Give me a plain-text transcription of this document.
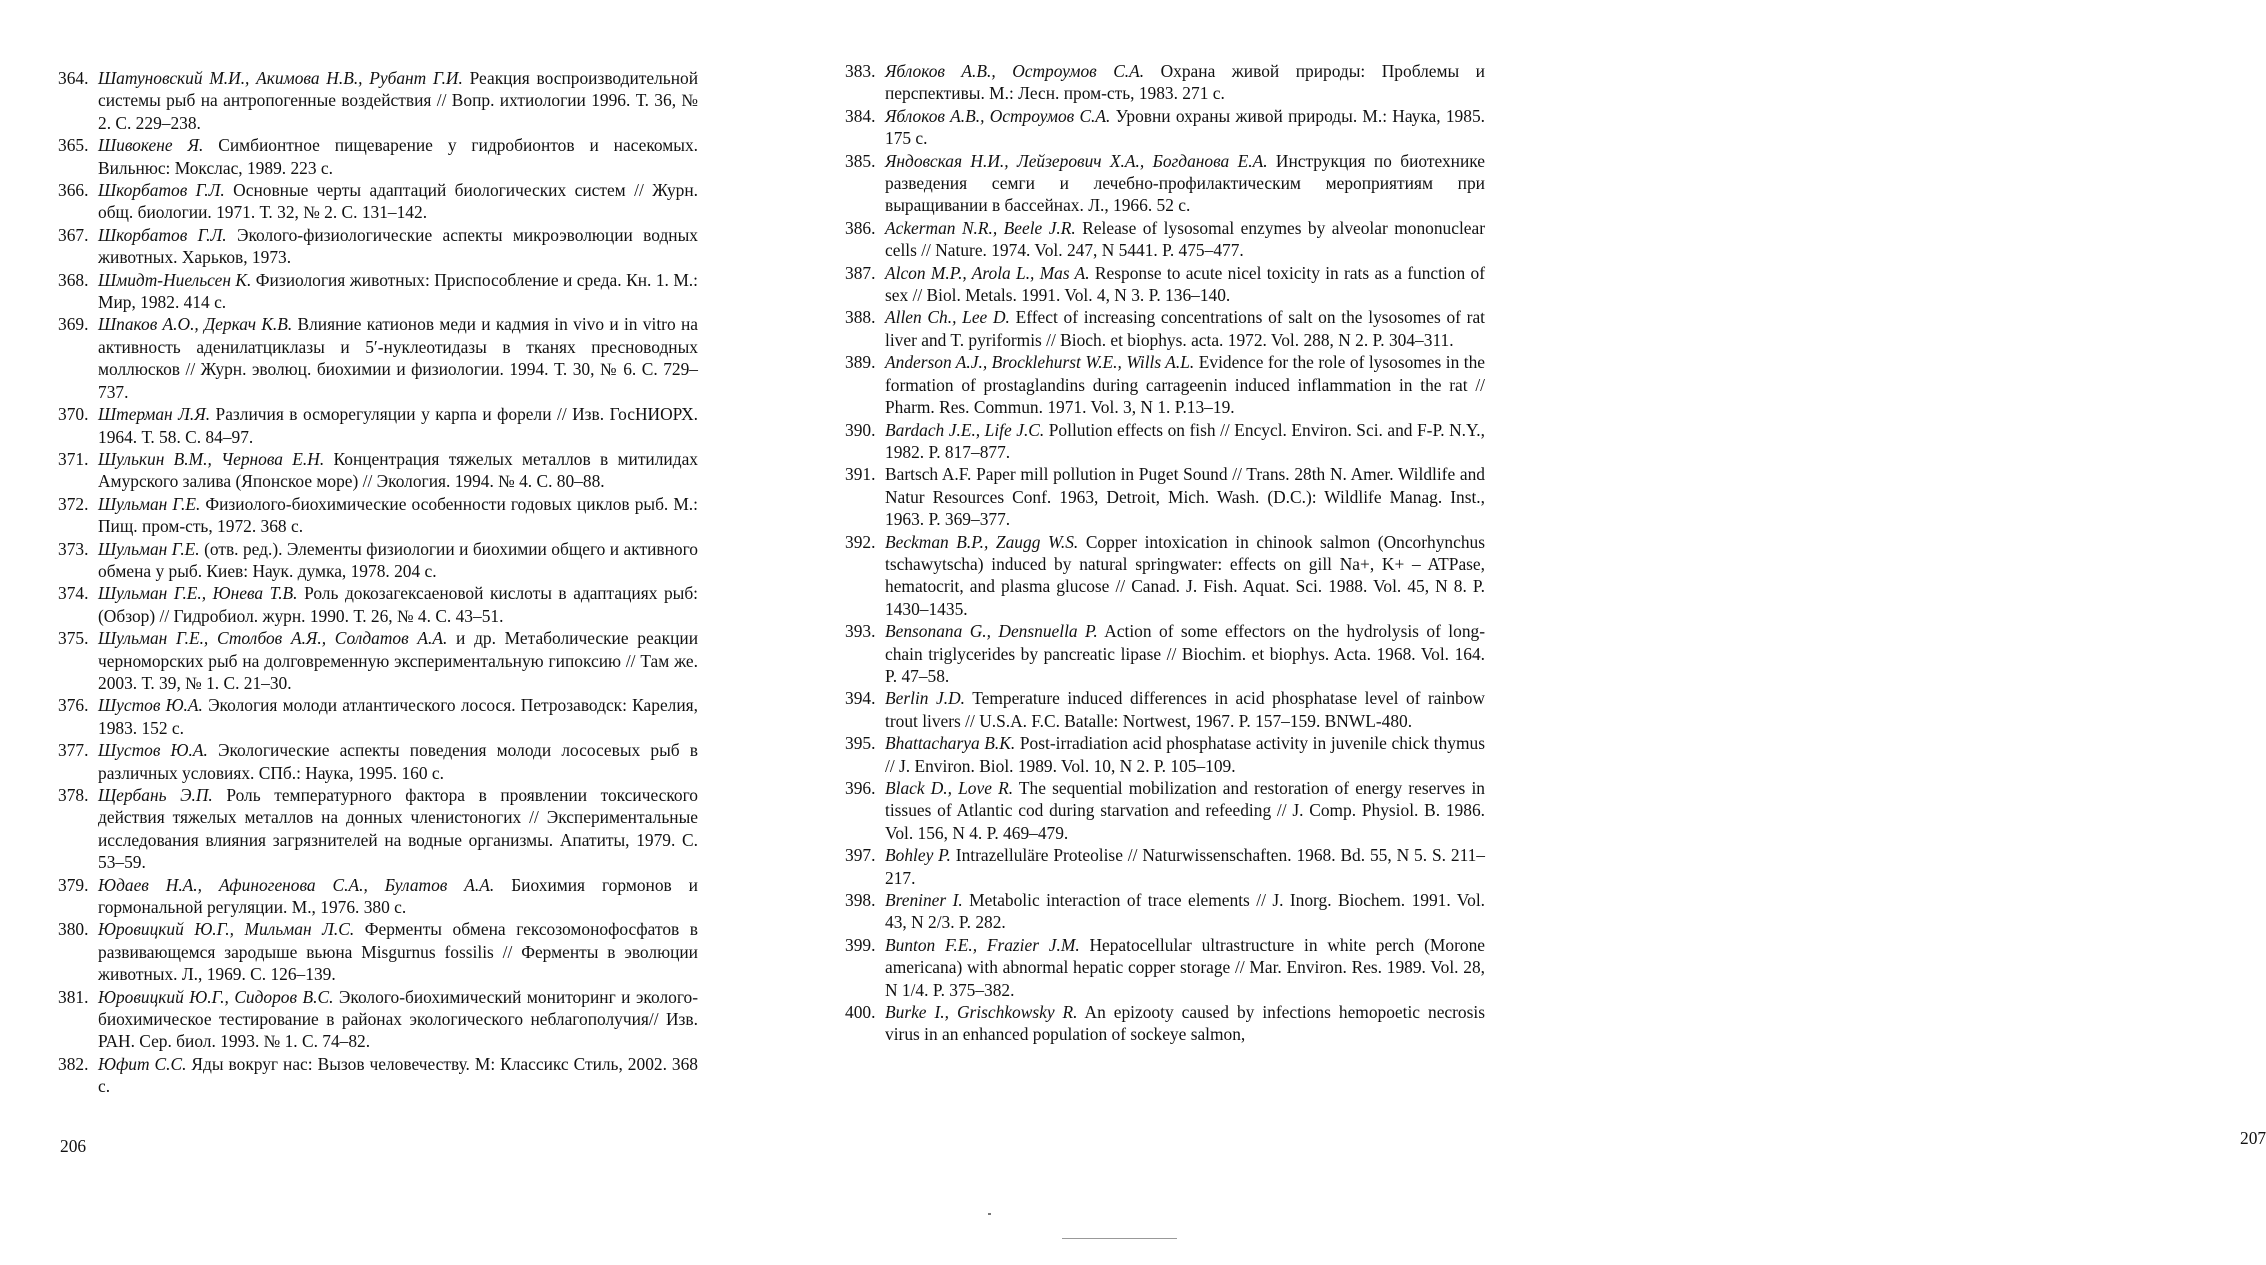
364. Шатуновский М.И., Акимова Н.В., Рубант Г.И. Реакция воспроизводительной системы рыб на антропогенные воздействия // Вопр. ихтиологии 1996. Т. 36, № 2. С. 229–238.
365. Шивокене Я. Симбионтное пищеварение у гидробионтов и насекомых. Вильнюс: Мокслас, 1989. 223 с.
366. Шкорбатов Г.Л. Основные черты адаптаций биологических систем // Журн. общ. биологии. 1971. Т. 32, № 2. С. 131–142.
367. Шкорбатов Г.Л. Эколого-физиологические аспекты микроэволюции водных животных. Харьков, 1973.
368. Шмидт-Ниельсен К. Физиология животных: Приспособление и среда. Кн. 1. М.: Мир, 1982. 414 с.
369. Шпаков А.О., Деркач К.В. Влияние катионов меди и кадмия in vivo и in vitro на активность аденилатциклазы и 5′-нуклеотидазы в тканях пресноводных моллюсков // Журн. эволюц. биохимии и физиологии. 1994. Т. 30, № 6. С. 729–737.
370. Штерман Л.Я. Различия в осморегуляции у карпа и форели // Изв. ГосНИОРХ. 1964. Т. 58. С. 84–97.
371. Шулькин В.М., Чернова Е.Н. Концентрация тяжелых металлов в митилидах Амурского залива (Японское море) // Экология. 1994. № 4. С. 80–88.
372. Шульман Г.Е. Физиолого-биохимические особенности годовых циклов рыб. М.: Пищ. пром-сть, 1972. 368 с.
373. Шульман Г.Е. (отв. ред.). Элементы физиологии и биохимии общего и активного обмена у рыб. Киев: Наук. думка, 1978. 204 с.
374. Шульман Г.Е., Юнева Т.В. Роль докозагексаеновой кислоты в адаптациях рыб: (Обзор) // Гидробиол. журн. 1990. Т. 26, № 4. С. 43–51.
375. Шульман Г.Е., Столбов А.Я., Солдатов А.А. и др. Метаболические реакции черноморских рыб на долговременную экспериментальную гипоксию // Там же. 2003. Т. 39, № 1. С. 21–30.
376. Шустов Ю.А. Экология молоди атлантического лосося. Петрозаводск: Карелия, 1983. 152 с.
377. Шустов Ю.А. Экологические аспекты поведения молоди лососевых рыб в различных условиях. СПб.: Наука, 1995. 160 с.
378. Щербань Э.П. Роль температурного фактора в проявлении токсического действия тяжелых металлов на донных членистоногих // Экспериментальные исследования влияния загрязнителей на водные организмы. Апатиты, 1979. С. 53–59.
379. Юдаев Н.А., Афиногенова С.А., Булатов А.А. Биохимия гормонов и гормональной регуляции. М., 1976. 380 с.
380. Юровицкий Ю.Г., Мильман Л.С. Ферменты обмена гексозомонофосфатов в развивающемся зародыше вьюна Misgurnus fossilis // Ферменты в эволюции животных. Л., 1969. С. 126–139.
381. Юровицкий Ю.Г., Сидоров В.С. Эколого-биохимический мониторинг и эколого-биохимическое тестирование в районах экологического неблагополучия// Изв. РАН. Сер. биол. 1993. № 1. С. 74–82.
382. Юфит С.С. Яды вокруг нас: Вызов человечеству. М: Классикс Стиль, 2002. 368 с.
206	207
383. Яблоков А.В., Остроумов С.А. Охрана живой природы: Проблемы и перспективы. М.: Лесн. пром-сть, 1983. 271 с.
384. Яблоков А.В., Остроумов С.А. Уровни охраны живой природы. М.: Наука, 1985. 175 с.
385. Яндовская Н.И., Лейзерович Х.А., Богданова Е.А. Инструкция по биотехнике разведения семги и лечебно-профилактическим мероприятиям при выращивании в бассейнах. Л., 1966. 52 с.
386. Ackerman N.R., Beele J.R. Release of lysosomal enzymes by alveolar mononuclear cells // Nature. 1974. Vol. 247, N 5441. P. 475–477.
387. Alcon M.P., Arola L., Mas A. Response to acute nicel toxicity in rats as a function of sex // Biol. Metals. 1991. Vol. 4, N 3. P. 136–140.
388. Allen Ch., Lee D. Effect of increasing concentrations of salt on the lysosomes of rat liver and T. pyriformis // Bioch. et biophys. acta. 1972. Vol. 288, N 2. P. 304–311.
389. Anderson A.J., Brocklehurst W.E., Wills A.L. Evidence for the role of lysosomes in the formation of prostaglandins during carrageenin induced inflammation in the rat // Pharm. Res. Commun. 1971. Vol. 3, N 1. P.13–19.
390. Bardach J.E., Life J.C. Pollution effects on fish // Encycl. Environ. Sci. and F-P. N.Y., 1982. P. 817–877.
391. Bartsch A.F. Paper mill pollution in Puget Sound // Trans. 28th N. Amer. Wildlife and Natur Resources Conf. 1963, Detroit, Mich. Wash. (D.C.): Wildlife Manag. Inst., 1963. P. 369–377.
392. Beckman B.P., Zaugg W.S. Copper intoxication in chinook salmon (Oncorhynchus tschawytscha) induced by natural springwater: effects on gill Na+, K+ – ATPase, hematocrit, and plasma glucose // Canad. J. Fish. Aquat. Sci. 1988. Vol. 45, N 8. P. 1430–1435.
393. Bensonana G., Densnuella P. Action of some effectors on the hydrolysis of long-chain triglycerides by pancreatic lipase // Biochim. et biophys. Acta. 1968. Vol. 164. P. 47–58.
394. Berlin J.D. Temperature induced differences in acid phosphatase level of rainbow trout livers // U.S.A. F.C. Batalle: Nortwest, 1967. P. 157–159. BNWL-480.
395. Bhattacharya B.K. Post-irradiation acid phosphatase activity in juvenile chick thymus // J. Environ. Biol. 1989. Vol. 10, N 2. P. 105–109.
396. Black D., Love R. The sequential mobilization and restoration of energy reserves in tissues of Atlantic cod during starvation and refeeding // J. Comp. Physiol. B. 1986. Vol. 156, N 4. P. 469–479.
397. Bohley P. Intrazelluläre Proteolise // Naturwissenschaften. 1968. Bd. 55, N 5. S. 211–217.
398. Breniner I. Metabolic interaction of trace elements // J. Inorg. Biochem. 1991. Vol. 43, N 2/3. P. 282.
399. Bunton F.E., Frazier J.M. Hepatocellular ultrastructure in white perch (Morone americana) with abnormal hepatic copper storage // Mar. Environ. Res. 1989. Vol. 28, N 1/4. P. 375–382.
400. Burke I., Grischkowsky R. An epizooty caused by infections hemopoetic necrosis virus in an enhanced population of sockeye salmon,
